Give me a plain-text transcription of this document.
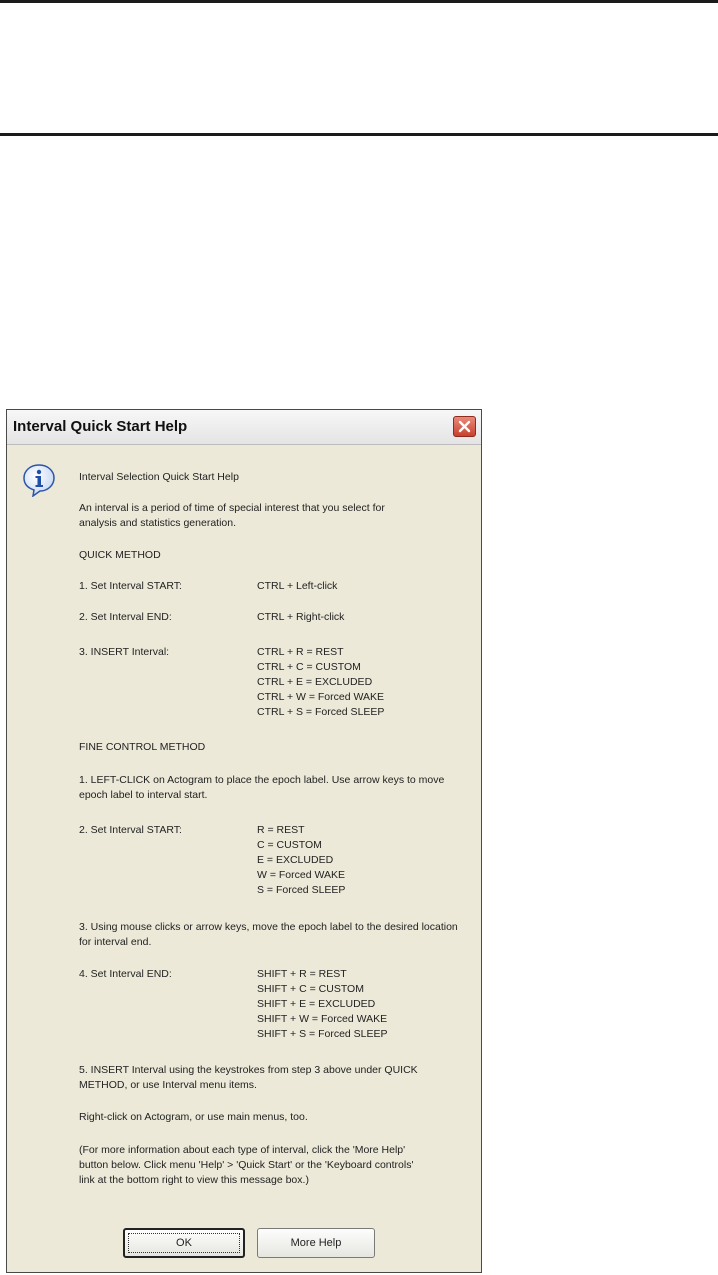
Interval Quick Start Help
Interval Selection Quick Start Help
An interval is a period of time of special interest that you select for analysis and statistics generation.
QUICK METHOD
1. Set Interval START:	CTRL + Left-click
2. Set Interval END:	CTRL + Right-click
3. INSERT Interval:	CTRL + R = REST
CTRL + C = CUSTOM
CTRL + E = EXCLUDED
CTRL + W = Forced WAKE
CTRL + S = Forced SLEEP
FINE CONTROL METHOD
1. LEFT-CLICK on Actogram to place the epoch label. Use arrow keys to move epoch label to interval start.
2. Set Interval START:	R = REST
C = CUSTOM
E = EXCLUDED
W = Forced WAKE
S = Forced SLEEP
3. Using mouse clicks or arrow keys, move the epoch label to the desired location for interval end.
4. Set Interval END:	SHIFT + R = REST
SHIFT + C = CUSTOM
SHIFT + E = EXCLUDED
SHIFT + W = Forced WAKE
SHIFT + S = Forced SLEEP
5. INSERT Interval using the keystrokes from step 3 above under QUICK METHOD, or use Interval menu items.
Right-click on Actogram, or use main menus, too.
(For more information about each type of interval, click the 'More Help' button below. Click menu 'Help' > 'Quick Start' or the 'Keyboard controls' link at the bottom right to view this message box.)
OK	More Help
